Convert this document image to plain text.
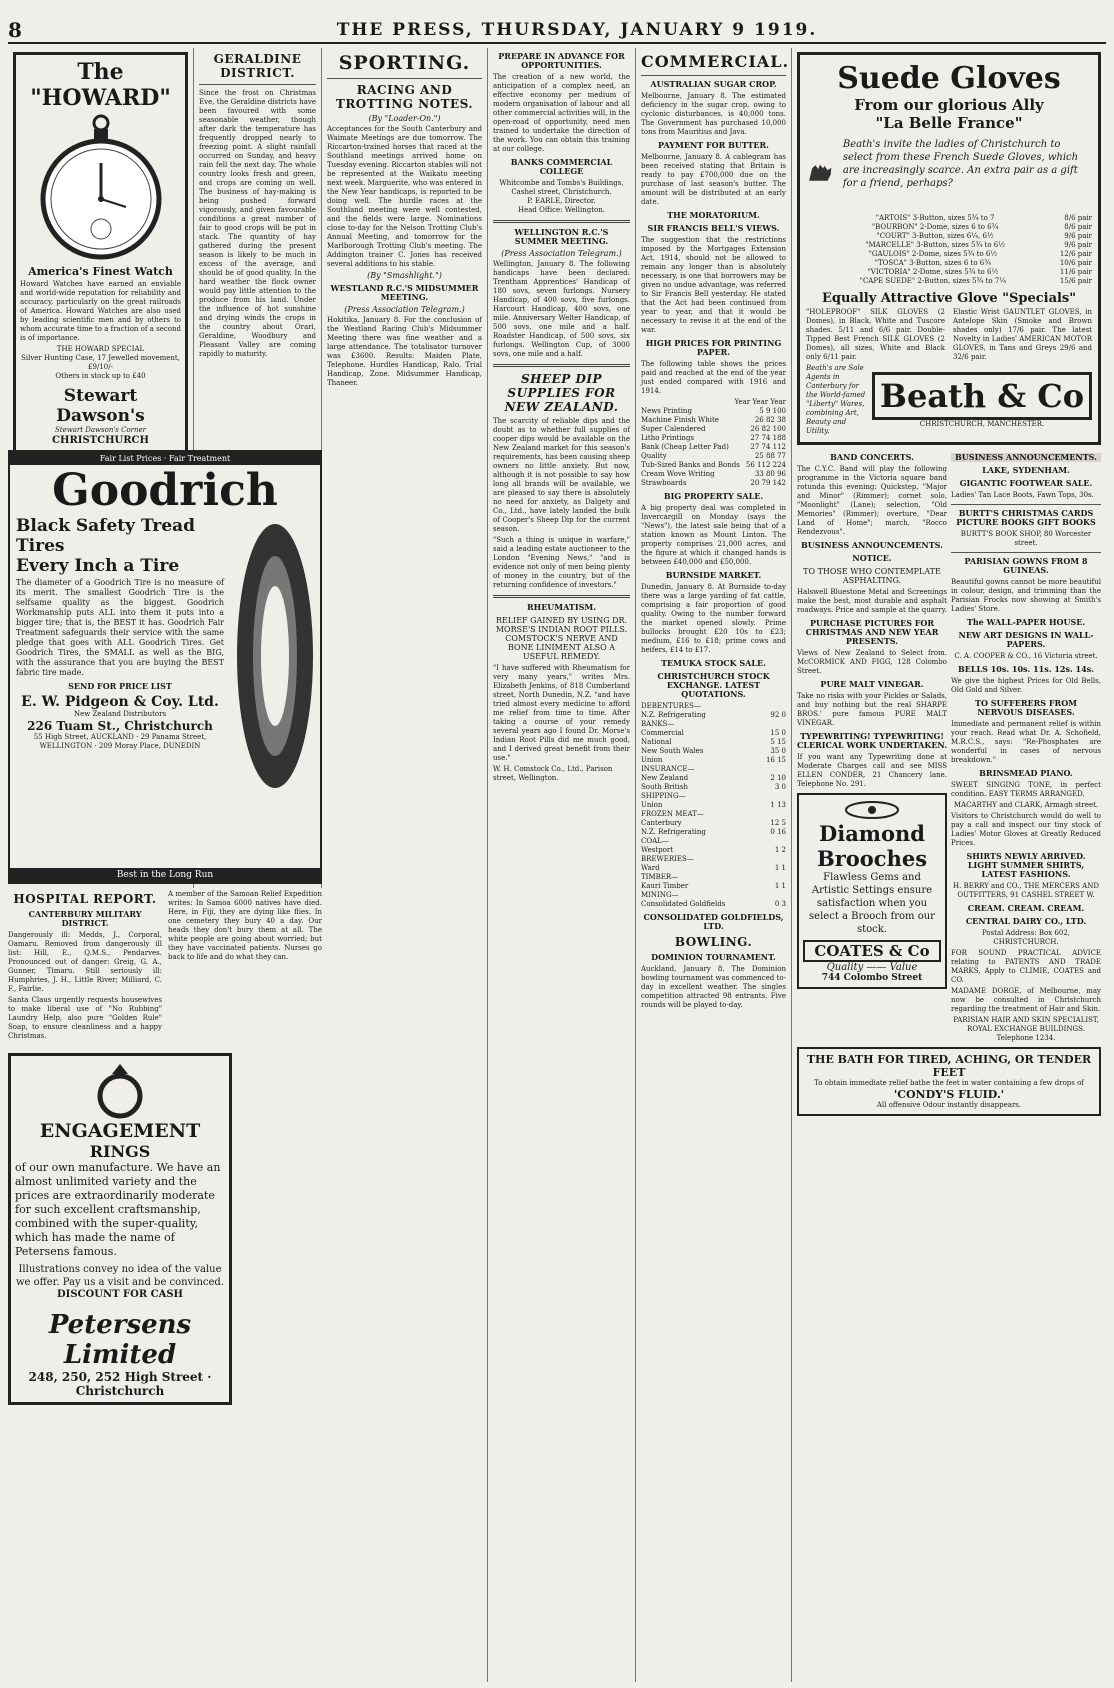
8	THE PRESS, THURSDAY, JANUARY 9 1919.
The
"HOWARD"
America's Finest Watch
Howard Watches have earned an enviable and world-wide reputation for reliability and accuracy, particularly on the great railroads of America. Howard Watches are also used by leading scientific men and by others to whom accurate time to a fraction of a second is of importance.
THE HOWARD SPECIAL
Silver Hunting Case, 17 Jewelled movement, £9/10/-
Others in stock up to £40
Stewart Dawson's
Stewart Dawson's Corner
CHRISTCHURCH
GERALDINE DISTRICT.
Since the frost on Christmas Eve, the Geraldine districts have been favoured with some seasonable weather, though after dark the temperature has frequently dropped nearly to freezing point. A slight rainfall occurred on Sunday, and heavy rain fell the next day. The whole country looks fresh and green, and crops are coming on well. The business of hay-making is being pushed forward vigorously, and given favourable conditions a great number of fair to good crops will be put in stack. The quantity of hay gathered during the present season is likely to be much in excess of the average, and should be of good quality. In the hard weather the flock owner would pay little attention to the produce from his land. Under the influence of hot sunshine and drying winds the crops in the country about Orari, Geraldine, Woodbury and Pleasant Valley are coming rapidly to maturity.
SPORTING.
RACING AND TROTTING NOTES.
(By "Loader-On.")
Acceptances for the South Canterbury and Waimate Meetings are due tomorrow. The Riccarton-trained horses that raced at the Southland meetings arrived home on Tuesday evening. Riccarton stables will not be represented at the Waikato meeting next week. Marguerite, who was entered in the New Year handicaps, is reported to be doing well. The hurdle races at the Southland meeting were well contested, and the fields were large. Nominations close to-day for the Nelson Trotting Club's Annual Meeting, and tomorrow for the Marlborough Trotting Club's meeting. The Addington trainer C. Jones has received several additions to his stable.
(By "Smashlight.")
WESTLAND R.C.'S MIDSUMMER MEETING.
(Press Association Telegram.)
Hokitika, January 8. For the conclusion of the Westland Racing Club's Midsummer Meeting there was fine weather and a large attendance. The totalisator turnover was £3600. Results: Maiden Plate, Telephone. Hurdles Handicap, Ralo. Trial Handicap, Zone. Midsummer Handicap, Thaneer.
PREPARE IN ADVANCE FOR OPPORTUNITIES.
The creation of a new world, the anticipation of a complex need, an effective economy per medium of modern organisation of labour and all other commercial activities will, in the open-road of opportunity, need men trained to undertake the direction of the work. You can obtain this training at our college.
BANKS COMMERCIAL COLLEGE
Whitcombe and Tombs's Buildings, Cashel street, Christchurch.
P. EARLE, Director.
Head Office: Wellington.
WELLINGTON R.C.'S SUMMER MEETING.
(Press Association Telegram.)
Wellington, January 8. The following handicaps have been declared: Trentham Apprentices' Handicap of 180 sovs, seven furlongs. Nursery Handicap, of 400 sovs, five furlongs. Harcourt Handicap, 400 sovs, one mile. Anniversary Welter Handicap, of 500 sovs, one mile and a half. Roadster Handicap, of 500 sovs, six furlongs. Wellington Cup, of 3000 sovs, one mile and a half.
SHEEP DIP SUPPLIES FOR NEW ZEALAND.
The scarcity of reliable dips and the doubt as to whether full supplies of cooper dips would be available on the New Zealand market for this season's requirements, has been causing sheep owners no little anxiety. But now, although it is not possible to say how long all brands will be available, we are pleased to say there is absolutely no need for anxiety, as Dalgety and Co., Ltd., have lately landed the bulk of Cooper's Sheep Dip for the current season.
"Such a thing is unique in warfare," said a leading estate auctioneer to the London "Evening News," "and is evidence not only of men being plenty of money in the country, but of the returning confidence of investors."
RHEUMATISM.
RELIEF GAINED BY USING DR. MORSE'S INDIAN ROOT PILLS. COMSTOCK'S NERVE AND BONE LINIMENT ALSO A USEFUL REMEDY.
"I have suffered with Rheumatism for very many years," writes Mrs. Elizabeth Jenkins, of 818 Cumberland street, North Dunedin, N.Z. "and have tried almost every medicine to afford me relief from time to time. After taking a course of your remedy several years ago I found Dr. Morse's Indian Root Pills did me much good, and I derived great benefit from their use."
W. H. Comstock Co., Ltd., Parison street, Wellington.
COMMERCIAL.
AUSTRALIAN SUGAR CROP.
Melbourne, January 8. The estimated deficiency in the sugar crop, owing to cyclonic disturbances, is 40,000 tons. The Government has purchased 10,000 tons from Mauritius and Java.
PAYMENT FOR BUTTER.
Melbourne, January 8. A cablegram has been received stating that Britain is ready to pay £700,000 due on the purchase of last season's butter. The amount will be distributed at an early date.
THE MORATORIUM.
SIR FRANCIS BELL'S VIEWS.
The suggestion that the restrictions imposed by the Mortgages Extension Act, 1914, should not be allowed to remain any longer than is absolutely necessary, is one that borrowers may be given no undue advantage, was referred to Sir Francis Bell yesterday. He stated that the Act had been continued from year to year, and that it would be necessary to revise it at the end of the war.
HIGH PRICES FOR PRINTING PAPER.
The following table shows the prices paid and reached at the end of the year just ended compared with 1916 and 1914.
Year Year Year
News Printing	5 9 100
Machine Finish White	26 82 38
Super Calendered	26 82 100
Litho Printings	27 74 188
Bank (Cheap Letter Pad)	27 74 112
Quality	25 88 77
Tub-Sized Banks and Bonds 56 112 224
Cream Wove Writing	33 80 96
Strawboards	20 79 142
BIG PROPERTY SALE.
A big property deal was completed in Invercargill on Monday (says the "News"), the latest sale being that of a station known as Mount Linton. The property comprises 21,000 acres, and the figure at which it changed hands is between £40,000 and £50,000.
BURNSIDE MARKET.
Dunedin, January 8. At Burnside to-day there was a large yarding of fat cattle, comprising a fair proportion of good quality. Owing to the number forward the market opened slowly. Prime bullocks brought £20 10s to £23; medium, £16 to £18; prime cows and heifers, £14 to £17.
TEMUKA STOCK SALE.
CHRISTCHURCH STOCK EXCHANGE. LATEST QUOTATIONS.
DEBENTURES—
N.Z. Refrigerating	92 0
BANKS—
Commercial	15 0
National	5 15
New South Wales	35 0
Union	16 15
INSURANCE—
New Zealand	2 10
South British	3 0
SHIPPING—
Union	1 13
FROZEN MEAT—
Canterbury	12 5
N.Z. Refrigerating	0 16
COAL—
Westport	1 2
BREWERIES—
Ward	1 1
TIMBER—
Kauri Timber	1 1
MINING—
Consolidated Goldfields	0 3
CONSOLIDATED GOLDFIELDS, LTD.
BOWLING.
DOMINION TOURNAMENT.
Auckland, January 8. The Dominion bowling tournament was commenced to-day in excellent weather. The singles competition attracted 98 entrants. Five rounds will be played to-day.
Suede Gloves
From our glorious Ally
"La Belle France"
Beath's invite the ladies of Christchurch to select from these French Suede Gloves, which are increasingly scarce. An extra pair as a gift for a friend, perhaps?
"ARTOIS" 3-Button, sizes 5¾ to 7	8/6 pair
"BOURBON" 2-Dome, sizes 6 to 6¾	8/6 pair
"COURT" 3-Button, sizes 6¼, 6½	9/6 pair
"MARCELLE" 3-Button, sizes 5¾ to 6½	9/6 pair
"GAULOIS" 2-Dome, sizes 5¾ to 6½	12/6 pair
"TOSCA" 3-Button, sizes 6 to 6¾	10/6 pair
"VICTORIA" 2-Dome, sizes 5¾ to 6½	11/6 pair
"CAPE SUEDE" 2-Button, sizes 5¾ to 7¼	15/6 pair
Equally Attractive Glove "Specials"
"HOLEPROOF" SILK GLOVES (2 Domes), in Black, White and Tuscore shades. 5/11 and 6/6 pair. Double-Tipped Best French SILK GLOVES (2 Domes), all sizes, White and Black only 6/11 pair.
Elastic Wrist GAUNTLET GLOVES, in Antelope Skin (Smoke and Brown shades only) 17/6 pair. The latest Novelty in Ladies' AMERICAN MOTOR GLOVES, in Tans and Greys 29/6 and 32/6 pair.
Beath's are Sole Agents in Canterbury for the World-famed "Liberty" Wares, combining Art, Beauty and Utility.
Beath & Co
CHRISTCHURCH, MANCHESTER.
BAND CONCERTS.
The C.Y.C. Band will play the following programme in the Victoria square band rotunda this evening: Quickstep, "Major and Minor" (Rimmer); cornet solo, "Moonlight" (Lane); selection, "Old Memories" (Rimmer); overture, "Dear Land of Home"; march, "Rocco Rendezvous".
BUSINESS ANNOUNCEMENTS.
NOTICE.
TO THOSE WHO CONTEMPLATE ASPHALTING.
Halswell Bluestone Metal and Screenings make the best, most durable and asphalt roadways. Price and sample at the quarry.
PURCHASE PICTURES FOR CHRISTMAS AND NEW YEAR PRESENTS.
Views of New Zealand to Select from. McCORMICK AND FIGG, 128 Colombo Street.
PURE MALT VINEGAR.
Take no risks with your Pickles or Salads, and buy nothing but the real SHARPE BROS.' pure famous PURE MALT VINEGAR.
TYPEWRITING! TYPEWRITING! CLERICAL WORK UNDERTAKEN.
If you want any Typewriting done at Moderate Charges call and see MISS ELLEN CONDER, 21 Chancery lane. Telephone No. 291.
Diamond
Brooches
Flawless Gems and Artistic Settings ensure satisfaction when you select a Brooch from our stock.
COATES & Co
Quality —— Value
744 Colombo Street
BUSINESS ANNOUNCEMENTS.
LAKE, SYDENHAM.
GIGANTIC FOOTWEAR SALE.
Ladies' Tan Lace Boots, Fawn Tops, 30s.
BURTT'S CHRISTMAS CARDS PICTURE BOOKS GIFT BOOKS
BURTT'S BOOK SHOP, 80 Worcester street.
PARISIAN GOWNS FROM 8 GUINEAS.
Beautiful gowns cannot be more beautiful in colour, design, and trimming than the Parisian Frocks now showing at Smith's Ladies' Store.
The WALL-PAPER HOUSE.
NEW ART DESIGNS IN WALL-PAPERS.
C. A. COOPER & CO., 16 Victoria street.
BELLS 10s. 10s. 11s. 12s. 14s.
We give the highest Prices for Old Bells, Old Gold and Silver.
TO SUFFERERS FROM NERVOUS DISEASES.
Immediate and permanent relief is within your reach. Read what Dr. A. Schofield, M.R.C.S., says: "Re-Phosphates are wonderful in cases of nervous breakdown."
BRINSMEAD PIANO.
SWEET SINGING TONE, in perfect condition. EASY TERMS ARRANGED.
MACARTHY and CLARK, Armagh street.
Visitors to Christchurch would do well to pay a call and inspect our tiny stock of Ladies' Motor Gloves at Greatly Reduced Prices.
SHIRTS NEWLY ARRIVED. LIGHT SUMMER SHIRTS, LATEST FASHIONS.
H. BERRY and CO., THE MERCERS AND OUTFITTERS, 91 CASHEL STREET W.
CREAM. CREAM. CREAM.
CENTRAL DAIRY CO., LTD.
Postal Address: Box 602, CHRISTCHURCH.
FOR SOUND PRACTICAL ADVICE relating to PATENTS AND TRADE MARKS, Apply to CLIMIE, COATES and CO.
MADAME DORGE, of Melbourne, may now be consulted in Christchurch regarding the treatment of Hair and Skin.
PARISIAN HAIR AND SKIN SPECIALIST, ROYAL EXCHANGE BUILDINGS.
Telephone 1234.
THE BATH FOR TIRED, ACHING, OR TENDER FEET
To obtain immediate relief bathe the feet in water containing a few drops of
'CONDY'S FLUID.'
All offensive Odour instantly disappears.
Fair List Prices · Fair Treatment
Goodrich
Black Safety Tread Tires
Every Inch a Tire
The diameter of a Goodrich Tire is no measure of its merit. The smallest Goodrich Tire is the selfsame quality as the biggest. Goodrich Workmanship puts ALL into them it puts into a bigger tire; that is, the BEST it has. Goodrich Fair Treatment safeguards their service with the same pledge that goes with ALL Goodrich Tires. Get Goodrich Tires, the SMALL as well as the BIG, with the assurance that you are buying the BEST fabric tire made.
SEND FOR PRICE LIST
E. W. Pidgeon & Coy. Ltd.
New Zealand Distributors
226 Tuam St., Christchurch
55 High Street, AUCKLAND · 29 Panama Street, WELLINGTON · 209 Moray Place, DUNEDIN
Best in the Long Run
HOSPITAL REPORT.
CANTERBURY MILITARY DISTRICT.
Dangerously ill: Medds, J., Corporal, Oamaru. Removed from dangerously ill list: Hill, E., Q.M.S., Pendarves. Pronounced out of danger: Greig, G. A., Gunner, Timaru. Still seriously ill: Humphries, J. H., Little River; Milliard, C. F., Fairlie.
Santa Claus urgently requests housewives to make liberal use of "No Rubbing" Laundry Help, also pure "Golden Rule" Soap, to ensure cleanliness and a happy Christmas.
A member of the Samoan Relief Expedition writes: In Samoa 6000 natives have died. Here, in Fiji, they are dying like flies. In one cemetery they bury 40 a day. Our heads they don't bury them at all. The white people are going about worried; but they have vaccinated patients. Nurses go back to life and do what they can.
ENGAGEMENT
RINGS
of our own manufacture. We have an almost unlimited variety and the prices are extraordinarily moderate for such excellent craftsmanship, combined with the super-quality, which has made the name of Petersens famous.
Illustrations convey no idea of the value we offer. Pay us a visit and be convinced.
DISCOUNT FOR CASH
Petersens Limited
248, 250, 252 High Street · Christchurch
